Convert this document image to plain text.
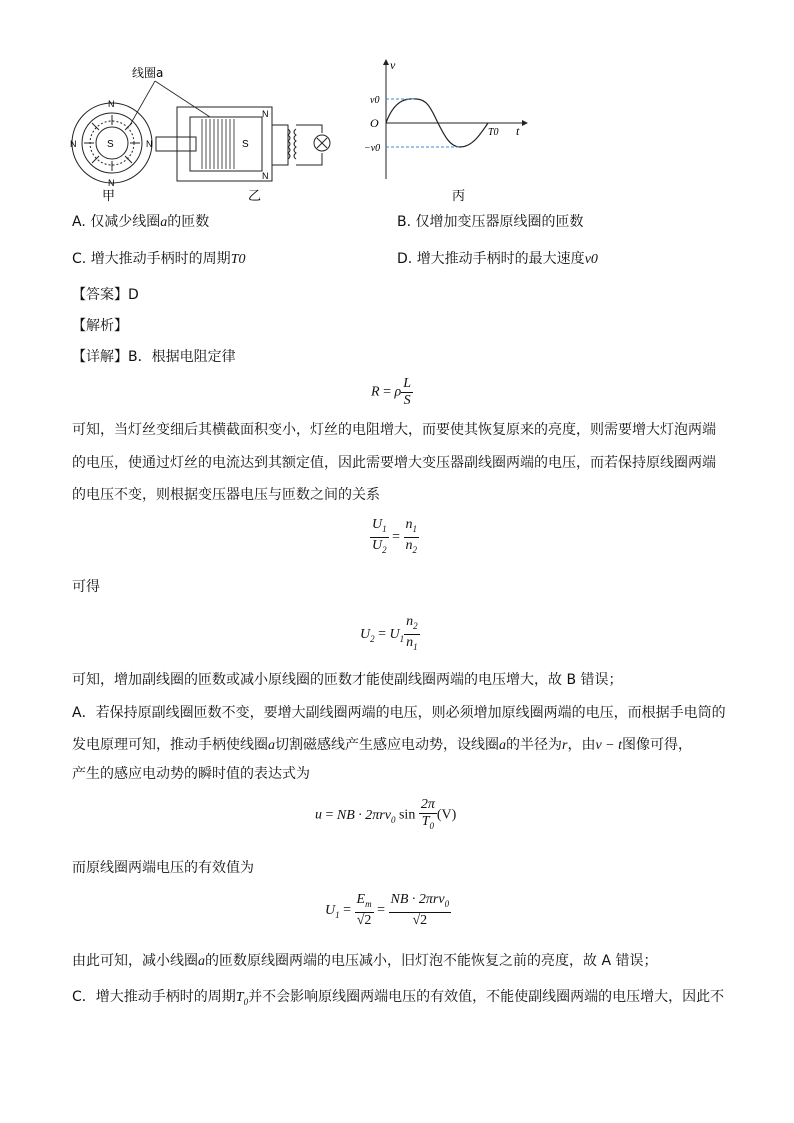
S
N
N
N	N
线圈a
S
N
N
甲	乙	丙
v
t
O
v0
−v0
T0
A. 仅减少线圈a的匝数	B. 仅增加变压器原线圈的匝数
C. 增大推动手柄时的周期T0	D. 增大推动手柄时的最大速度v0
【答案】D
【解析】
【详解】B．根据电阻定律
R = ρ $\frac{L}{S}$
可知，当灯丝变细后其横截面积变小，灯丝的电阻增大，而要使其恢复原来的亮度，则需要增大灯泡两端
的电压，使通过灯丝的电流达到其额定值，因此需要增大变压器副线圈两端的电压，而若保持原线圈两端
的电压不变，则根据变压器电压与匝数之间的关系
$\frac{U_1}{U_2} = \frac{n_1}{n_2}$
可得
$U_2 = U_1 \frac{n_2}{n_1}$
可知，增加副线圈的匝数或减小原线圈的匝数才能使副线圈两端的电压增大，故 B 错误；
A．若保持原副线圈匝数不变，要增大副线圈两端的电压，则必须增加原线圈两端的电压，而根据手电筒的
发电原理可知，推动手柄使线圈a切割磁感线产生感应电动势，设线圈a的半径为r，由v − t图像可得，
产生的感应电动势的瞬时值的表达式为
u = NB · 2πrv$_0$ $\sin \frac{2\pi}{T_0} (V)$
而原线圈两端电压的有效值为
$U_1 = \frac{E_m}{√2} = \frac{NB \cdot 2\pi rv_0}{√2}$
由此可知，减小线圈a的匝数原线圈两端的电压减小，旧灯泡不能恢复之前的亮度，故 A 错误；
C．增大推动手柄时的周期$T_0$并不会影响原线圈两端电压的有效值，不能使副线圈两端的电压增大，因此不
